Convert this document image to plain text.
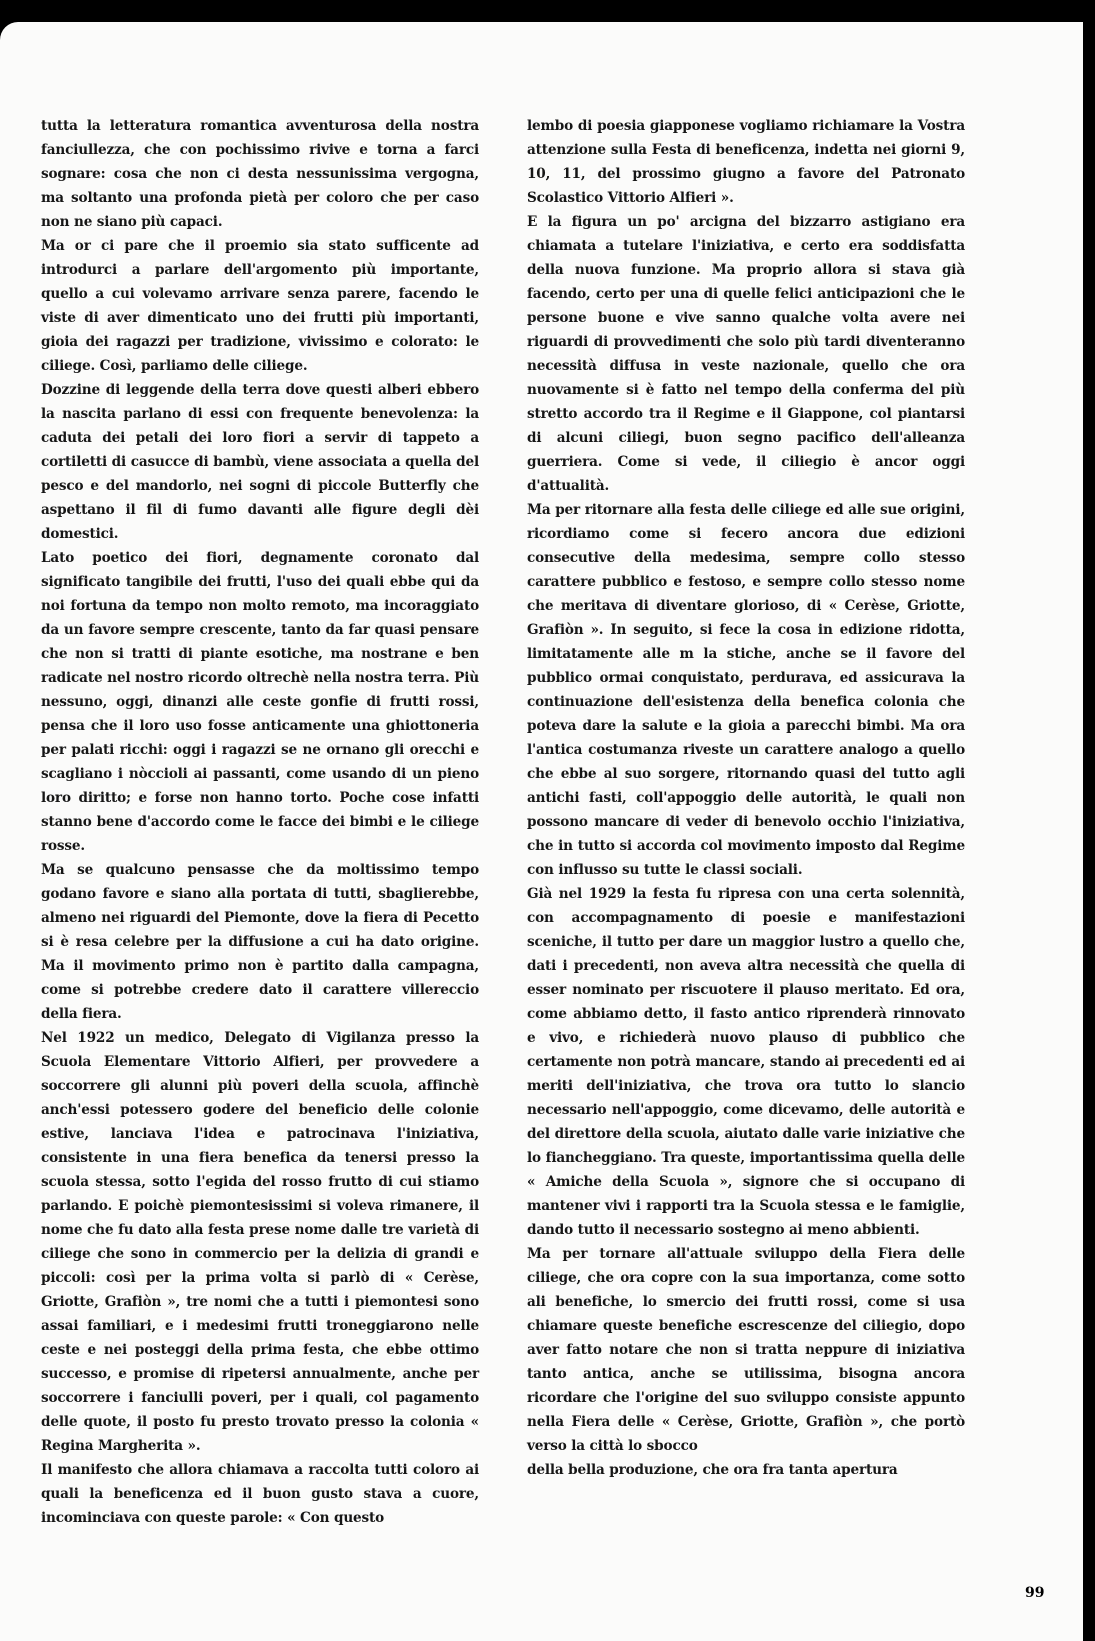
tutta la letteratura romantica avventurosa della nostra fanciullezza, che con pochissimo rivive e torna a farci sognare: cosa che non ci desta nessunissima vergogna, ma soltanto una profonda pietà per coloro che per caso non ne siano più capaci.

Ma or ci pare che il proemio sia stato sufficente ad introdurci a parlare dell'argomento più importante, quello a cui volevamo arrivare senza parere, facendo le viste di aver dimenticato uno dei frutti più importanti, gioia dei ragazzi per tradizione, vivissimo e colorato: le ciliege. Così, parliamo delle ciliege.

Dozzine di leggende della terra dove questi alberi ebbero la nascita parlano di essi con frequente benevolenza: la caduta dei petali dei loro fiori a servir di tappeto a cortiletti di casucce di bambù, viene associata a quella del pesco e del mandorlo, nei sogni di piccole Butterfly che aspettano il fil di fumo davanti alle figure degli dèi domestici.

Lato poetico dei fiori, degnamente coronato dal significato tangibile dei frutti, l'uso dei quali ebbe qui da noi fortuna da tempo non molto remoto, ma incoraggiato da un favore sempre crescente, tanto da far quasi pensare che non si tratti di piante esotiche, ma nostrane e ben radicate nel nostro ricordo oltrechè nella nostra terra. Più nessuno, oggi, dinanzi alle ceste gonfie di frutti rossi, pensa che il loro uso fosse anticamente una ghiottoneria per palati ricchi: oggi i ragazzi se ne ornano gli orecchi e scagliano i nòccioli ai passanti, come usando di un pieno loro diritto; e forse non hanno torto. Poche cose infatti stanno bene d'accordo come le facce dei bimbi e le ciliege rosse.

Ma se qualcuno pensasse che da moltissimo tempo godano favore e siano alla portata di tutti, sbaglierebbe, almeno nei riguardi del Piemonte, dove la fiera di Pecetto si è resa celebre per la diffusione a cui ha dato origine. Ma il movimento primo non è partito dalla campagna, come si potrebbe credere dato il carattere villereccio della fiera.

Nel 1922 un medico, Delegato di Vigilanza presso la Scuola Elementare Vittorio Alfieri, per provvedere a soccorrere gli alunni più poveri della scuola, affinchè anch'essi potessero godere del beneficio delle colonie estive, lanciava l'idea e patrocinava l'iniziativa, consistente in una fiera benefica da tenersi presso la scuola stessa, sotto l'egida del rosso frutto di cui stiamo parlando. E poichè piemontesissimi si voleva rimanere, il nome che fu dato alla festa prese nome dalle tre varietà di ciliege che sono in commercio per la delizia di grandi e piccoli: così per la prima volta si parlò di « Cerèse, Griotte, Grafiòn », tre nomi che a tutti i piemontesi sono assai familiari, e i medesimi frutti troneggiarono nelle ceste e nei posteggi della prima festa, che ebbe ottimo successo, e promise di ripetersi annualmente, anche per soccorrere i fanciulli poveri, per i quali, col pagamento delle quote, il posto fu presto trovato presso la colonia « Regina Margherita ».

Il manifesto che allora chiamava a raccolta tutti coloro ai quali la beneficenza ed il buon gusto stava a cuore, incominciava con queste parole: « Con questo

lembo di poesia giapponese vogliamo richiamare la Vostra attenzione sulla Festa di beneficenza, indetta nei giorni 9, 10, 11, del prossimo giugno a favore del Patronato Scolastico Vittorio Alfieri ».

E la figura un po' arcigna del bizzarro astigiano era chiamata a tutelare l'iniziativa, e certo era soddisfatta della nuova funzione. Ma proprio allora si stava già facendo, certo per una di quelle felici anticipazioni che le persone buone e vive sanno qualche volta avere nei riguardi di provvedimenti che solo più tardi diventeranno necessità diffusa in veste nazionale, quello che ora nuovamente si è fatto nel tempo della conferma del più stretto accordo tra il Regime e il Giappone, col piantarsi di alcuni ciliegi, buon segno pacifico dell'alleanza guerriera. Come si vede, il ciliegio è ancor oggi d'attualità.

Ma per ritornare alla festa delle ciliege ed alle sue origini, ricordiamo come si fecero ancora due edizioni consecutive della medesima, sempre collo stesso carattere pubblico e festoso, e sempre collo stesso nome che meritava di diventare glorioso, di « Cerèse, Griotte, Grafiòn ». In seguito, si fece la cosa in edizione ridotta, limitatamente alle m la stiche, anche se il favore del pubblico ormai conquistato, perdurava, ed assicurava la continuazione dell'esistenza della benefica colonia che poteva dare la salute e la gioia a parecchi bimbi. Ma ora l'antica costumanza riveste un carattere analogo a quello che ebbe al suo sorgere, ritornando quasi del tutto agli antichi fasti, coll'appoggio delle autorità, le quali non possono mancare di veder di benevolo occhio l'iniziativa, che in tutto si accorda col movimento imposto dal Regime con influsso su tutte le classi sociali.

Già nel 1929 la festa fu ripresa con una certa solennità, con accompagnamento di poesie e manifestazioni sceniche, il tutto per dare un maggior lustro a quello che, dati i precedenti, non aveva altra necessità che quella di esser nominato per riscuotere il plauso meritato. Ed ora, come abbiamo detto, il fasto antico riprenderà rinnovato e vivo, e richiederà nuovo plauso di pubblico che certamente non potrà mancare, stando ai precedenti ed ai meriti dell'iniziativa, che trova ora tutto lo slancio necessario nell'appoggio, come dicevamo, delle autorità e del direttore della scuola, aiutato dalle varie iniziative che lo fiancheggiano. Tra queste, importantissima quella delle « Amiche della Scuola », signore che si occupano di mantener vivi i rapporti tra la Scuola stessa e le famiglie, dando tutto il necessario sostegno ai meno abbienti.

Ma per tornare all'attuale sviluppo della Fiera delle ciliege, che ora copre con la sua importanza, come sotto ali benefiche, lo smercio dei frutti rossi, come si usa chiamare queste benefiche escrescenze del ciliegio, dopo aver fatto notare che non si tratta neppure di iniziativa tanto antica, anche se utilissima, bisogna ancora ricordare che l'origine del suo sviluppo consiste appunto nella Fiera delle « Cerèse, Griotte, Grafiòn », che portò verso la città lo sbocco

della bella produzione, che ora fra tanta apertura

99
